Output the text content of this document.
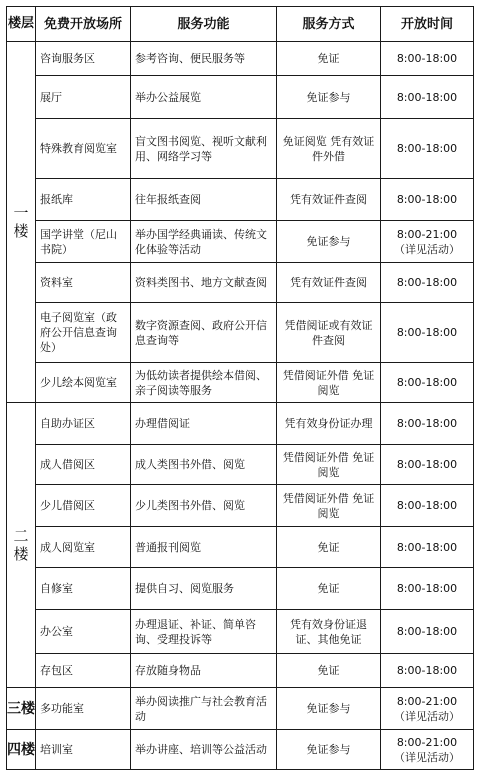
楼层	免费开放场所	服务功能	服务方式	开放时间
一楼	咨询服务区	参考咨询、便民服务等	免证	8:00-18:00
	展厅	举办公益展览	免证参与	8:00-18:00
	特殊教育阅览室	盲文图书阅览、视听文献利用、网络学习等	免证阅览 凭有效证件外借	8:00-18:00
	报纸库	往年报纸查阅	凭有效证件查阅	8:00-18:00
	国学讲堂（尼山书院）	举办国学经典诵读、传统文化体验等活动	免证参与	8:00-21:00 （详见活动）
	资料室	资料类图书、地方文献查阅	凭有效证件查阅	8:00-18:00
	电子阅览室（政府公开信息查询处）	数字资源查阅、政府公开信息查询等	凭借阅证或有效证件查阅	8:00-18:00
	少儿绘本阅览室	为低幼读者提供绘本借阅、亲子阅读等服务	凭借阅证外借 免证阅览	8:00-18:00
二楼	自助办证区	办理借阅证	凭有效身份证办理	8:00-18:00
	成人借阅区	成人类图书外借、阅览	凭借阅证外借 免证阅览	8:00-18:00
	少儿借阅区	少儿类图书外借、阅览	凭借阅证外借 免证阅览	8:00-18:00
	成人阅览室	普通报刊阅览	免证	8:00-18:00
	自修室	提供自习、阅览服务	免证	8:00-18:00
	办公室	办理退证、补证、简单咨询、受理投诉等	凭有效身份证退证、其他免证	8:00-18:00
	存包区	存放随身物品	免证	8:00-18:00
三楼	多功能室	举办阅读推广与社会教育活动	免证参与	8:00-21:00 （详见活动）
四楼	培训室	举办讲座、培训等公益活动	免证参与	8:00-21:00 （详见活动）
